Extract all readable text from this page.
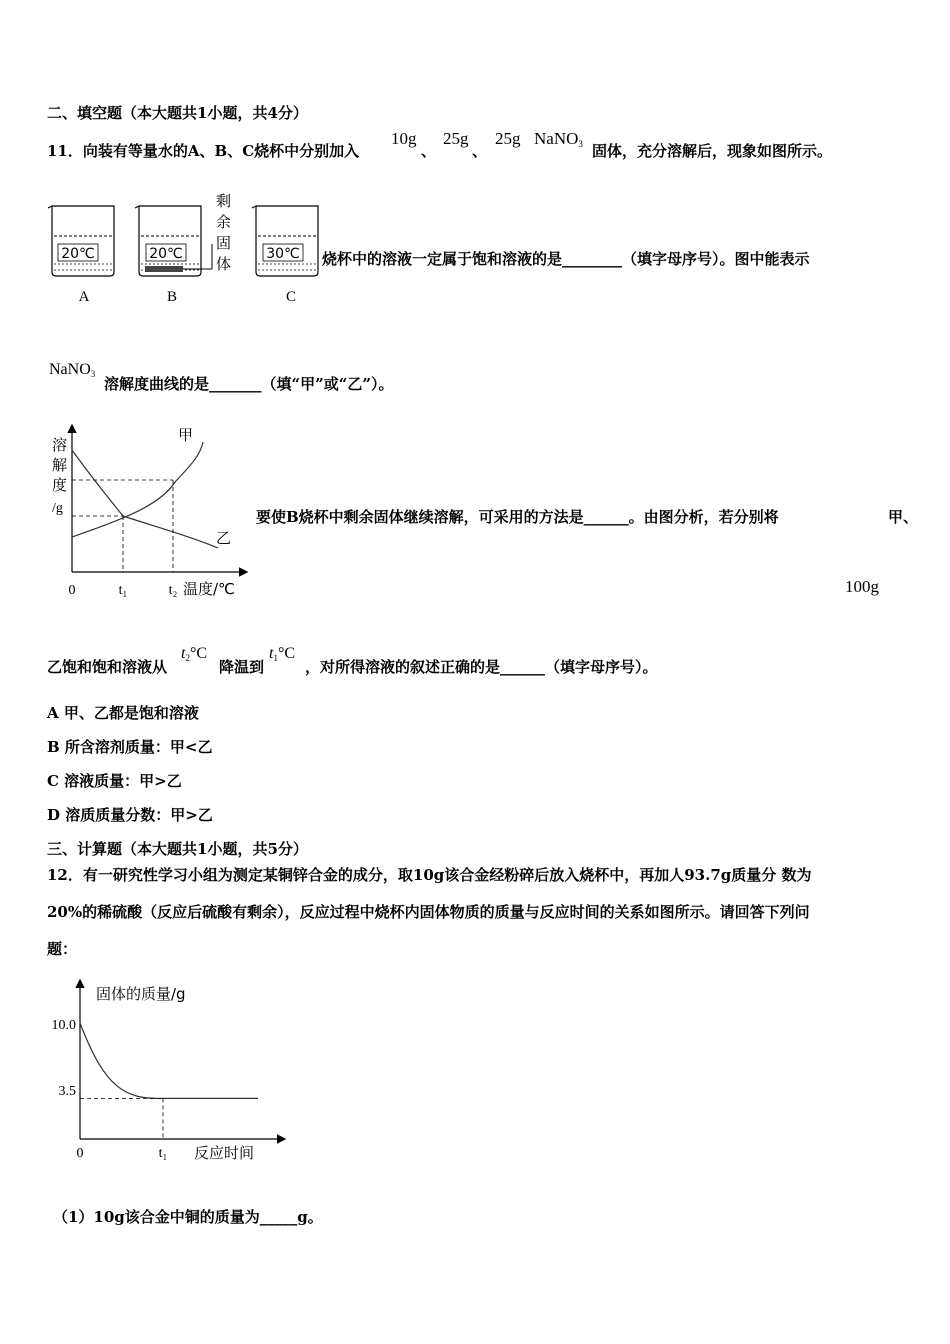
二、填空题（本大题共1小题，共4分）
11．向装有等量水的A、B、C烧杯中分别加入
10g
、
25g
、
25g NaNO$_3$ 固体，充分溶解后，现象如图所示。
20℃	20℃	30℃
A	B	C
剩
余
固
体	烧杯中的溶液一定属于饱和溶液的是________（填字母序号）。图中能表示
NaNO$_3$
溶解度曲线的是_______（填“甲”或“乙”）。
溶
解
度
/g
甲
乙
0	t₁	t₂ 温度/℃
要使B烧杯中剩余固体继续溶解，可采用的方法是______。由图分析，若分别将	甲、
100g
乙饱和饱和溶液从
$t_2^\circ C$
降温到
$t_1^\circ C$
，对所得溶液的叙述正确的是______（填字母序号）。
A 甲、乙都是饱和溶液
B 所含溶剂质量：甲<乙
C 溶液质量：甲>乙
D 溶质质量分数：甲>乙
三、计算题（本大题共1小题，共5分）
12．有一研究性学习小组为测定某铜锌合金的成分，取10g该合金经粉碎后放入烧杯中，再加人93.7g质量分 数为
20%的稀硫酸（反应后硫酸有剩余），反应过程中烧杯内固体物质的质量与反应时间的关系如图所示。请回答下列问
题：
固体的质量/g
10.0
3.5
0	t₁ 反应时间
（1）10g该合金中铜的质量为_____g。
